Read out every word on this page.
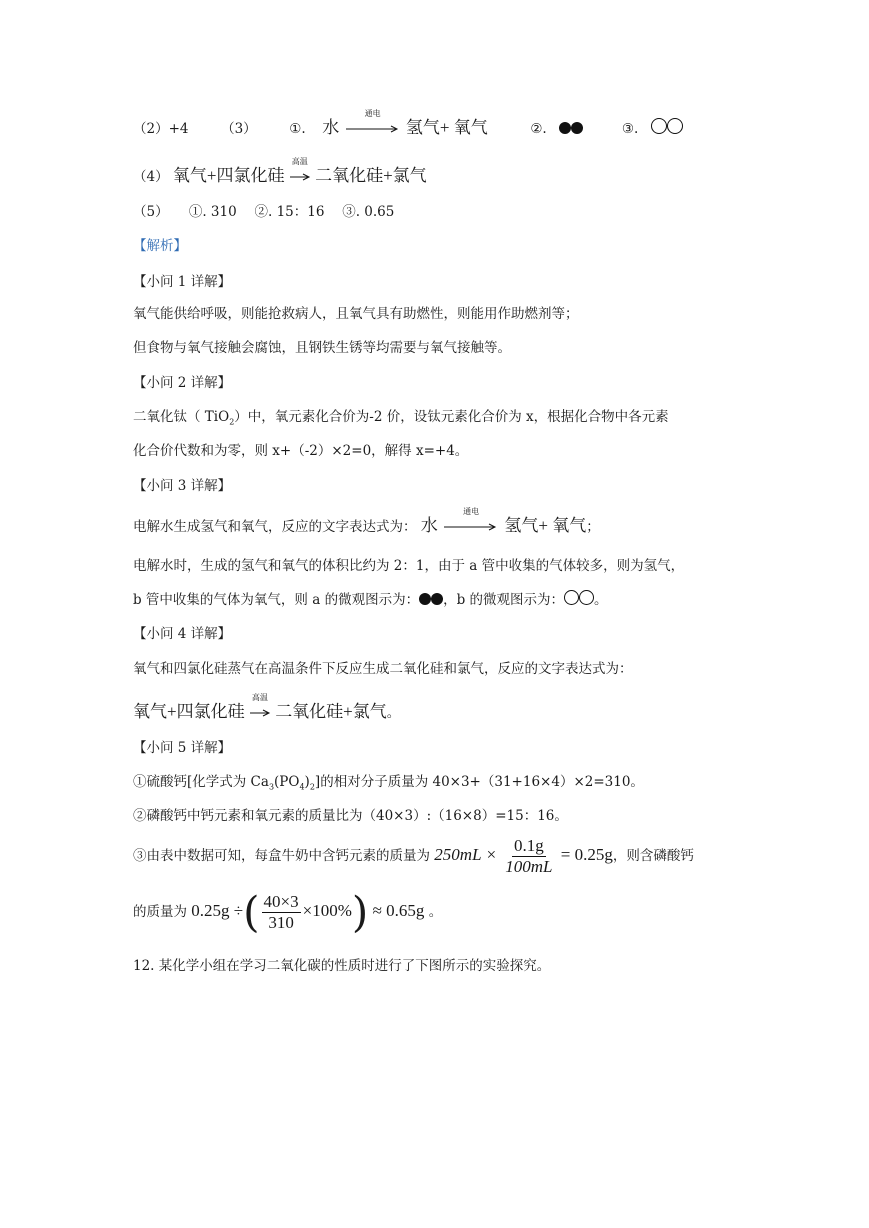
（2）+4 （3） ①. 水
通电
氢气+ 氧气	②.	③.
（4） 氧气+四氯化硅
高温
二氧化硅+氯气
（5）　　①. 310　 ②. 15：16　 ③. 0.65
【解析】
【小问 1 详解】
氧气能供给呼吸，则能抢救病人，且氧气具有助燃性，则能用作助燃剂等；
但食物与氧气接触会腐蚀，且钢铁生锈等均需要与氧气接触等。
【小问 2 详解】
二氧化钛（ TiO$_2$）中，氧元素化合价为-2 价，设钛元素化合价为 x，根据化合物中各元素
化合价代数和为零，则 x+（-2）×2=0，解得 x=+4。
【小问 3 详解】
电解水生成氢气和氧气，反应的文字表达式为： 水
通电
氢气+ 氧气；
电解水时，生成的氢气和氧气的体积比约为 2：1，由于 a 管中收集的气体较多，则为氢气，
b 管中收集的气体为氧气，则 a 的微观图示为： ，b 的微观图示为： 。
【小问 4 详解】
氧气和四氯化硅蒸气在高温条件下反应生成二氧化硅和氯气，反应的文字表达式为：
氧气+四氯化硅
高温
二氧化硅+氯气。
【小问 5 详解】
①硫酸钙[化学式为 $Ca_3(PO_4)_2$]的相对分子质量为 40×3+（31+16×4）×2=310。
②磷酸钙中钙元素和氧元素的质量比为（40×3）:（16×8）=15：16。
③由表中数据可知，每盒牛奶中含钙元素的质量为 $250mL \times \frac{0.1g}{100mL} = 0.25g$，则含磷酸钙
的质量为 0.25g ÷( $\frac{40\times 3}{310} \times 100\%) \approx 0.65g$ 。
12. 某化学小组在学习二氧化碳的性质时进行了下图所示的实验探究。
